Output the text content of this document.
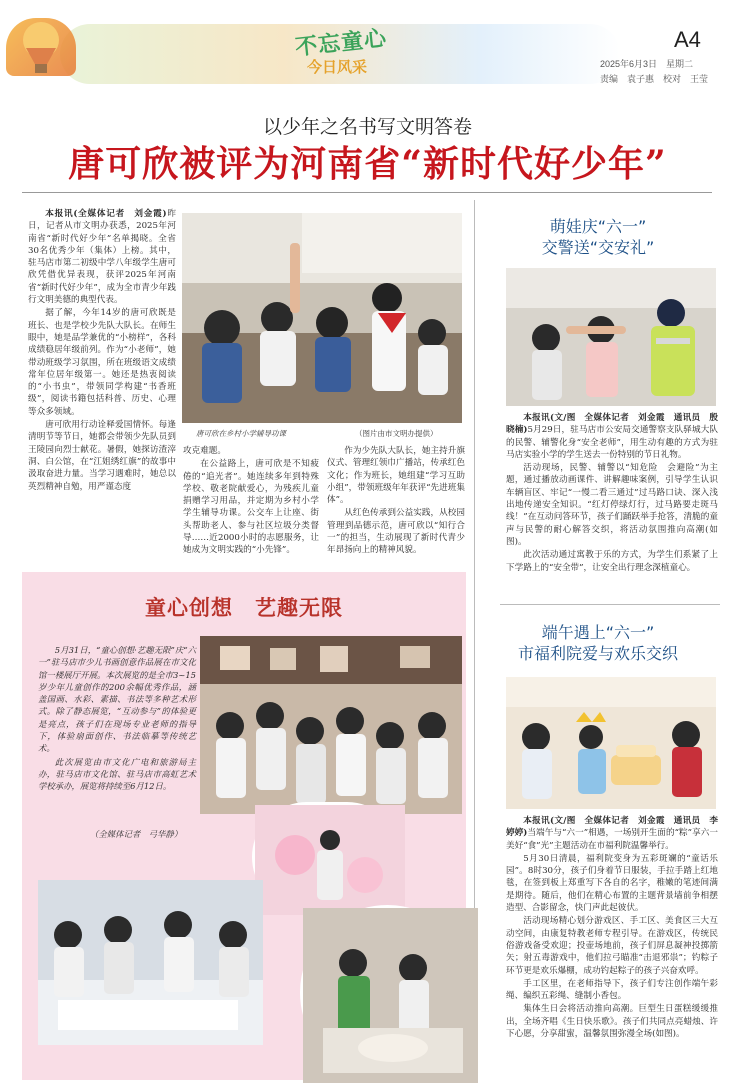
不忘童心
今日风采
A4
2025年6月3日　星期二
责编　袁子惠　校对　王莹
以少年之名书写文明答卷
唐可欣被评为河南省“新时代好少年”

本报讯(全媒体记者　刘金霞)昨日，记者从市文明办获悉，2025年河南省“新时代好少年”名单揭晓。全省30名优秀少年（集体）上榜。其中，驻马店市第二初级中学八年级学生唐可欣凭借优异表现，获评2025年河南省“新时代好少年”，成为全市青少年践行文明美德的典型代表。

据了解，今年14岁的唐可欣既是班长、也是学校少先队大队长。在师生眼中，她是品学兼优的“小榜样”，各科成绩稳居年级前列。作为“小老师”，她带动班级学习氛围，所在班级语文成绩常年位居年级第一。她还是热衷阅读的“小书虫”，带领同学构建“书香班级”，阅读书籍包括科普、历史、心理等众多领域。

唐可欣用行动诠释爱国情怀。每逢清明节等节日，她都会带领少先队员到王陵园向烈士献花。暑假，她探访渣滓洞、白公馆，在“江姐绣红旗”的故事中汲取奋进力量。当学习遇难时，她总以英烈精神自勉，用严谨态度

唐可欣在乡村小学辅导功课	（图片由市文明办提供）

攻克难题。

在公益路上，唐可欣是不知疲倦的“追光者”。她连续多年到特殊学校、敬老院献爱心，为残疾儿童捐赠学习用品，并定期为乡村小学学生辅导功课。公交车上让座、街头帮助老人、参与社区垃圾分类督导……近2000小时的志愿服务，让她成为文明实践的“小先锋”。

作为少先队大队长，她主持升旗仪式、管理红领巾广播站，传承红色文化；作为班长，她组建“学习互助小组”，带领班级年年获评“先进班集体”。

从红色传承到公益实践，从校园管理到品德示范，唐可欣以“知行合一”的担当，生动展现了新时代青少年昂扬向上的精神风貌。

萌娃庆“六一”
交警送“交安礼”

本报讯(文/图　全媒体记者　刘金霞　通讯员　殷晓楠)5月29日，驻马店市公安局交通警察支队驿城大队的民警、辅警化身“安全老师”，用生动有趣的方式为驻马店实验小学的学生送去一份特别的节日礼物。

活动现场，民警、辅警以“知危险　会避险”为主题，通过播放动画课件、讲解趣味案例，引导学生认识车辆盲区、牢记“一慢二看三通过”过马路口诀、深入浅出地传递安全知识。“红灯停绿灯行，过马路要走斑马线！”在互动问答环节，孩子们踊跃举手抢答，清脆的童声与民警的耐心解答交织，将活动氛围推向高潮(如图)。

此次活动通过寓教于乐的方式，为学生们系紧了上下学路上的“安全带”，让安全出行理念深植童心。

端午遇上“六一”
市福利院爱与欢乐交织

本报讯(文/图　全媒体记者　刘金霞　通讯员　李婷婷)当端午与“六一”相遇，一场别开生面的“粽”享六一　美好“食”光”主题活动在市福利院温馨举行。

5月30日清晨，福利院变身为五彩斑斓的“童话乐园”。8时30分，孩子们身着节日服装，手拉手踏上红地毯，在签到板上郑重写下各自的名字，稚嫩的笔迹间满是期待。随后，他们在精心布置的主题背景墙前争相摆造型、合影留念，快门声此起彼伏。

活动现场精心划分游戏区、手工区、美食区三大互动空间，由康复特教老师专程引导。在游戏区，传统民俗游戏备受欢迎；投壶场地前，孩子们屏息凝神投掷箭矢；射五毒游戏中，他们拉弓瞄准“击退邪祟”；钓粽子环节更是欢乐爆棚，成功钓起粽子的孩子兴奋欢呼。

手工区里，在老师指导下，孩子们专注创作端午彩绳、编织五彩绳、缝制小香包。

集体生日会将活动推向高潮。巨型生日蛋糕缓缓推出，全场齐唱《生日快乐歌》。孩子们共同点亮蜡烛、许下心愿，分享甜蜜，温馨氛围弥漫全场(如图)。

童心创想　艺趣无限

5月31日，“童心创想·艺趣无限”庆“六一”驻马店市少儿书画创意作品展在市文化馆一楼展厅开展。本次展览的是全市3~15岁少年儿童创作的200余幅优秀作品，涵盖国画、水彩、素描、书法等多种艺术形式。除了静态展览，“互动参与”的体验更是亮点，孩子们在现场专业老师的指导下，体验扇面创作、书法临摹等传统艺术。

此次展览由市文化广电和旅游局主办，驻马店市文化馆、驻马店市高虹艺术学校承办，展览将持续至6月12日。

（全媒体记者　弓华静）
